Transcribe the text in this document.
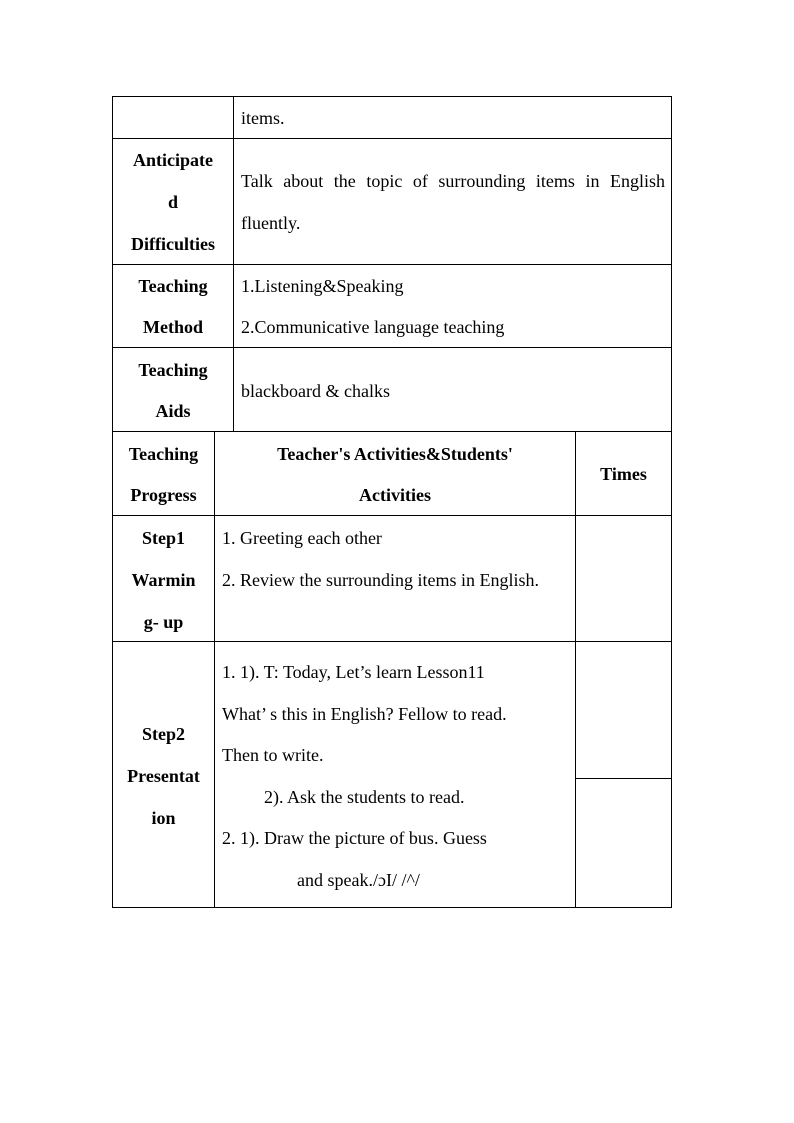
items.
Anticipate
d
Difficulties
Talk about the topic of surrounding items in English fluently.
Teaching
Method
1.Listening&Speaking
2.Communicative language teaching
Teaching
Aids
blackboard & chalks
Teaching
Progress
Teacher's Activities&Students'
Activities
Times
Step1
Warmin
g- up
1. Greeting each other
2. Review the surrounding items in English.
Step2
Presentat
ion
1. 1). T: Today, Let’s learn Lesson11
What’ s this in English? Fellow to read.
Then to write.
2). Ask the students to read.
2. 1). Draw the picture of bus. Guess
and speak./ɔI/ /^/
